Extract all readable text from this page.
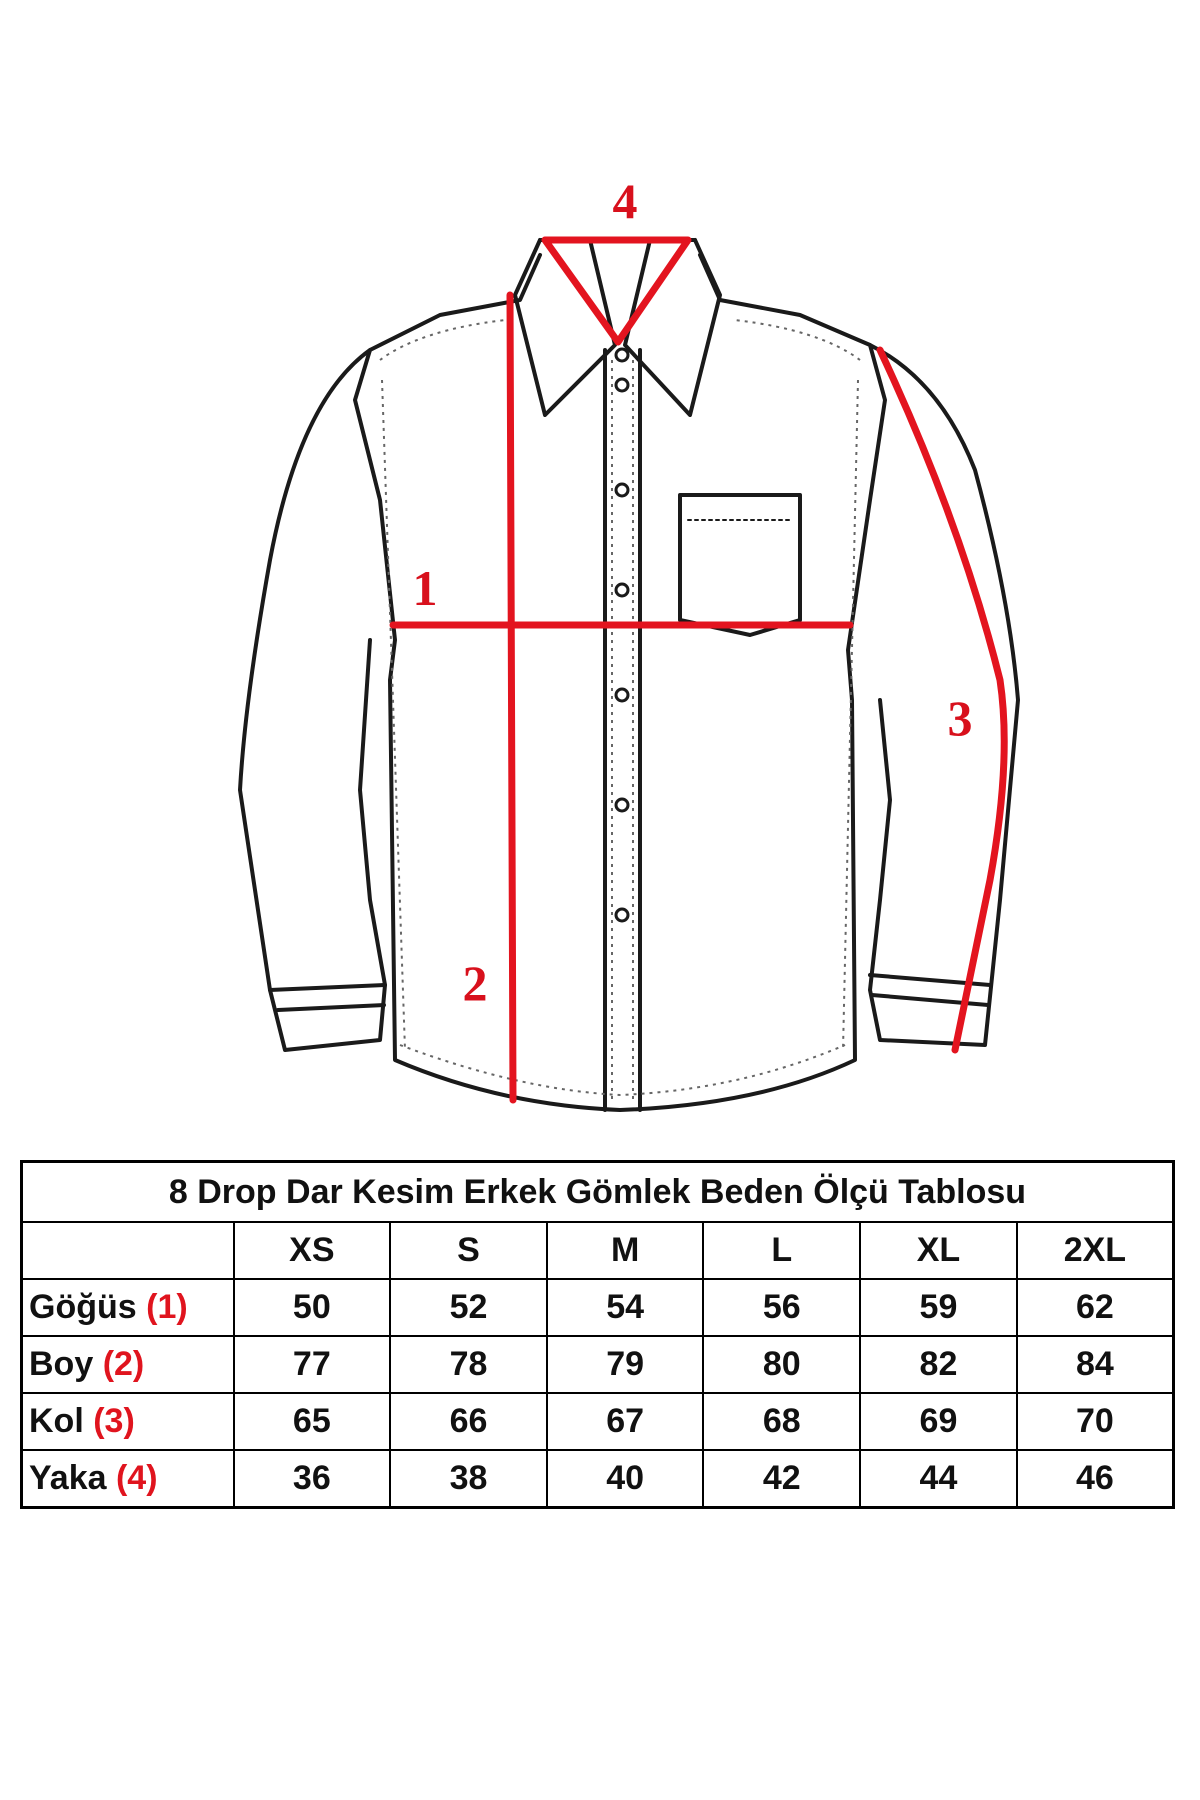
1
2
3
4
8 Drop Dar Kesim Erkek Gömlek Beden Ölçü Tablosu						
	XS	S	M	L	XL	2XL
Göğüs (1)	50	52	54	56	59	62
Boy (2)	77	78	79	80	82	84
Kol (3)	65	66	67	68	69	70
Yaka (4)	36	38	40	42	44	46
